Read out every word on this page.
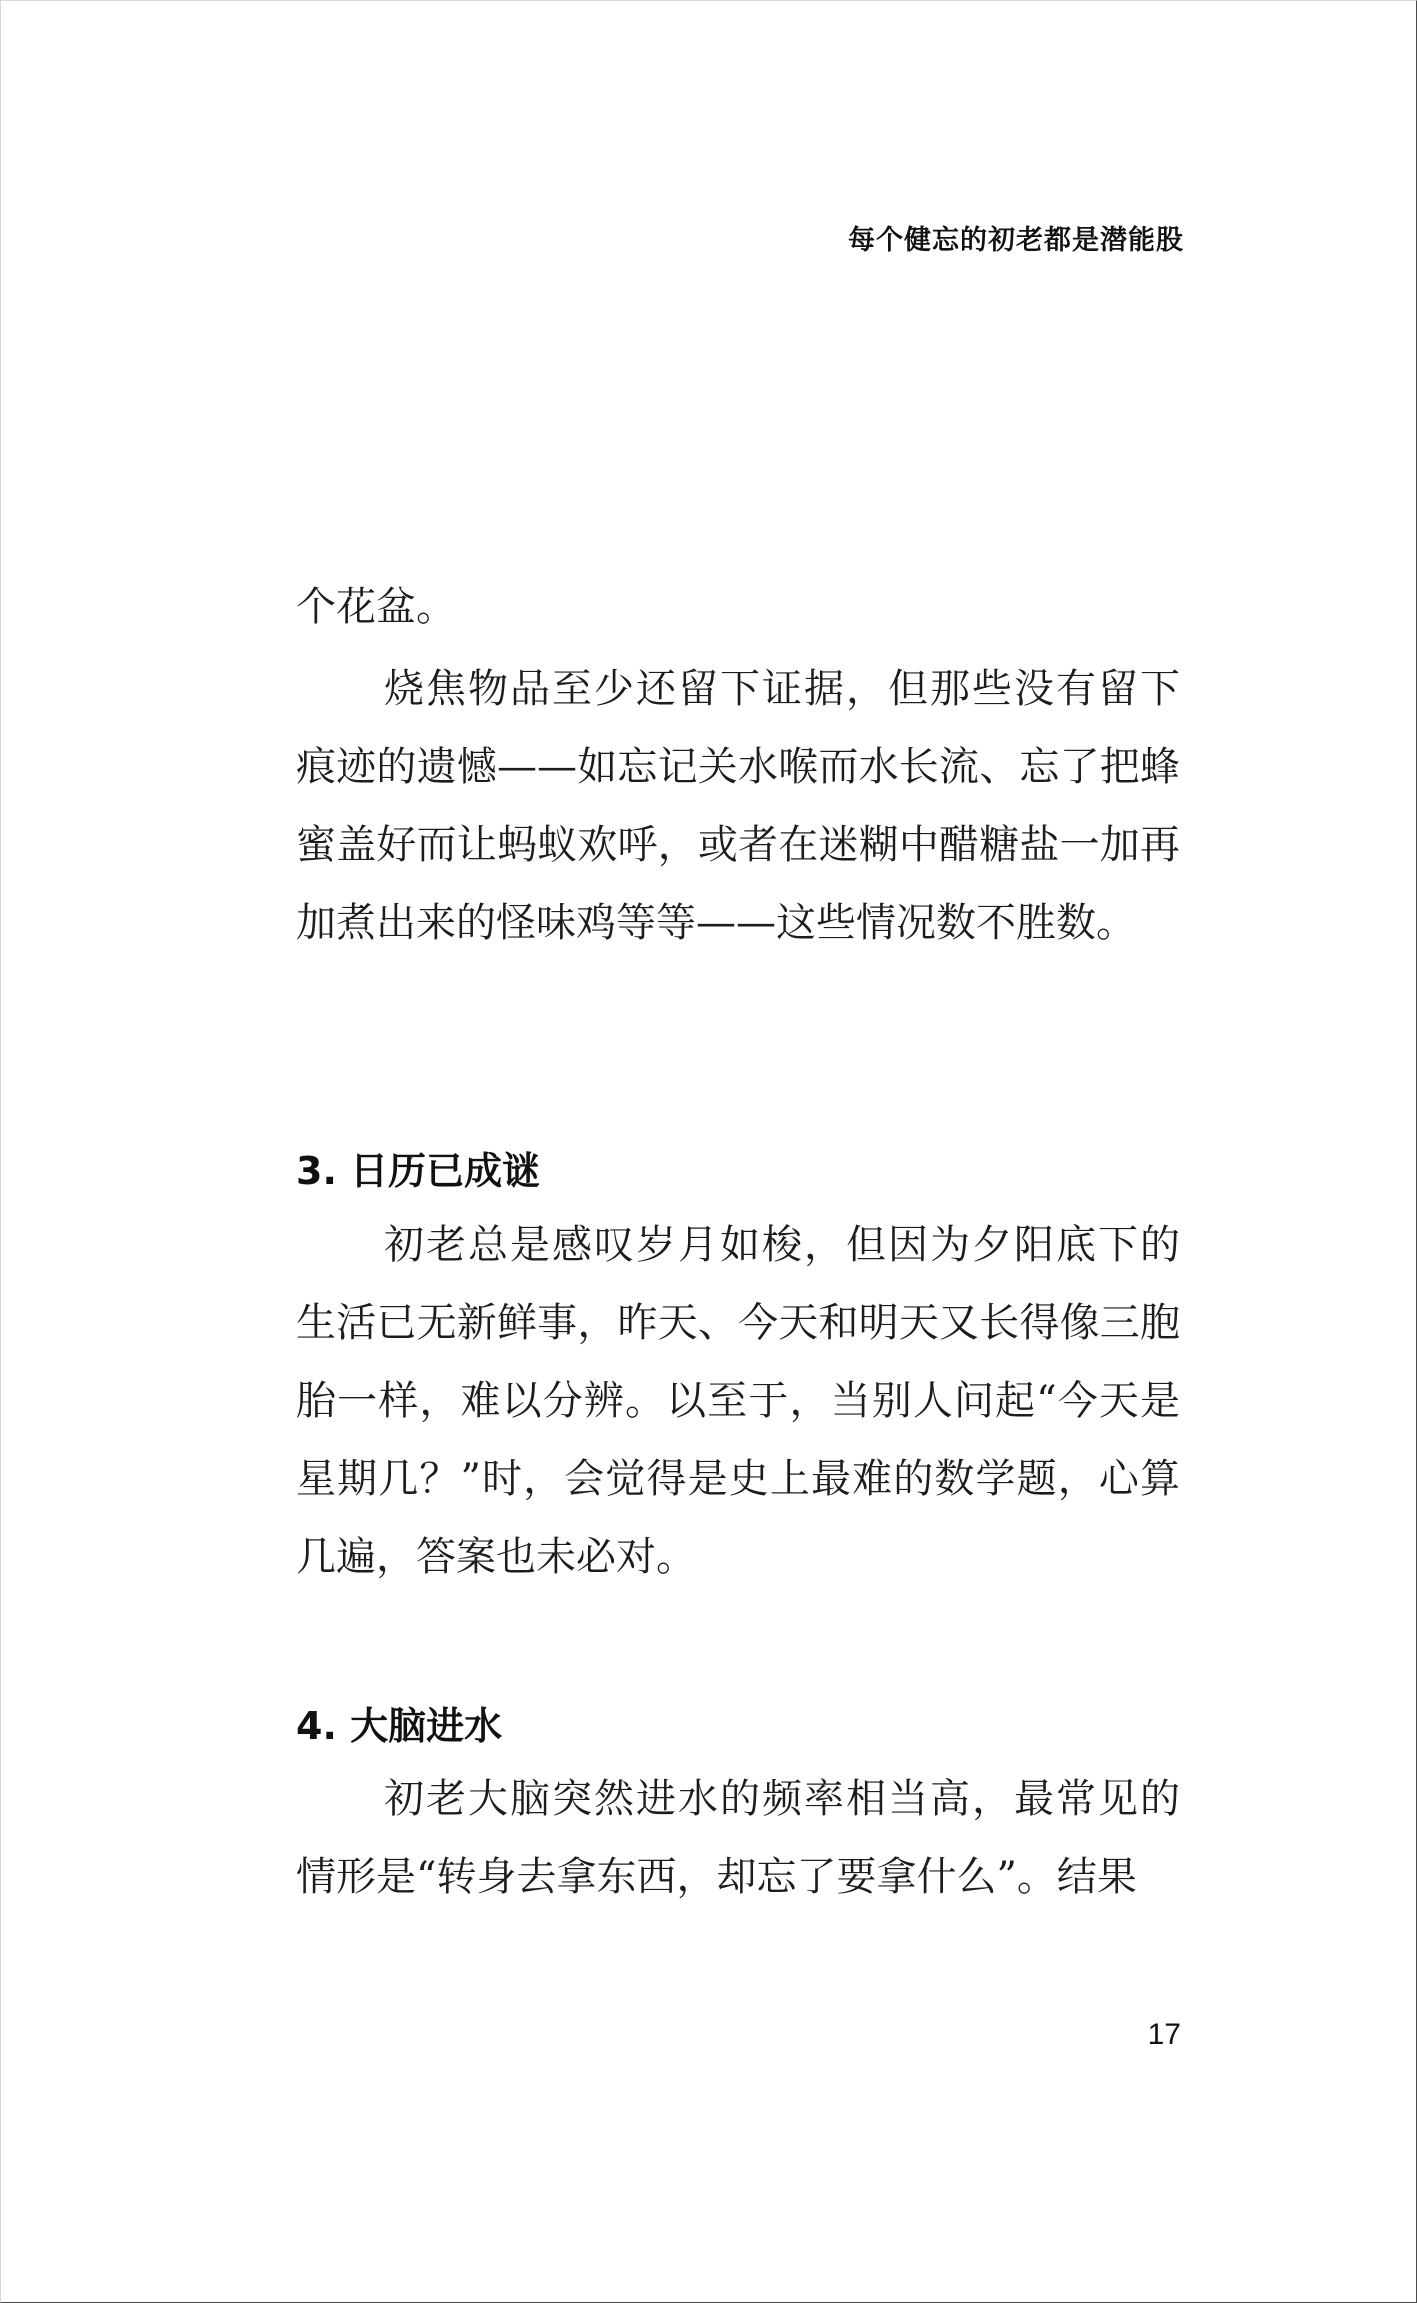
每个健忘的初老都是潜能股

个花盆。

烧焦物品至少还留下证据，但那些没有留下痕迹的遗憾——如忘记关水喉而水长流、忘了把蜂蜜盖好而让蚂蚁欢呼，或者在迷糊中醋糖盐一加再加煮出来的怪味鸡等等——这些情况数不胜数。

3. 日历已成谜

初老总是感叹岁月如梭，但因为夕阳底下的生活已无新鲜事，昨天、今天和明天又长得像三胞胎一样，难以分辨。以至于，当别人问起“今天是星期几？”时，会觉得是史上最难的数学题，心算几遍，答案也未必对。

4. 大脑进水

初老大脑突然进水的频率相当高，最常见的情形是“转身去拿东西，却忘了要拿什么”。结果

17
